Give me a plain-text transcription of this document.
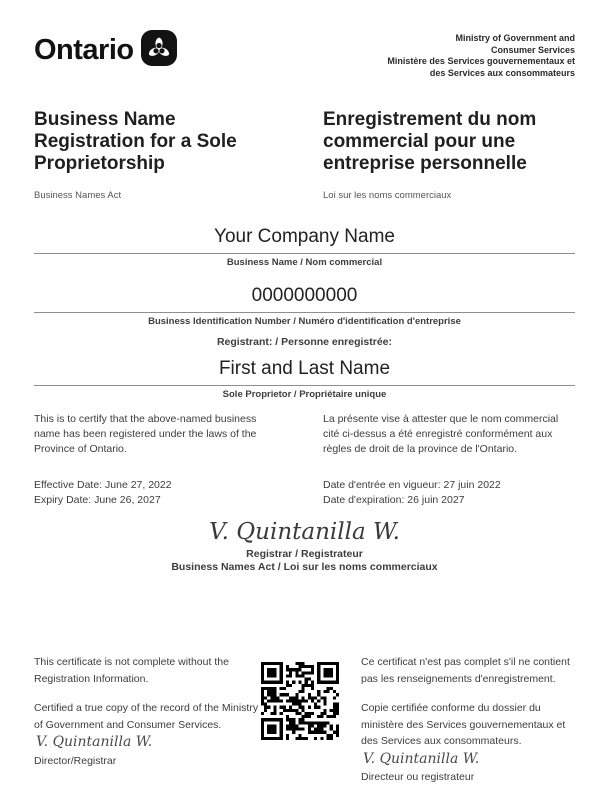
Ontario	Ministry of Government and
Consumer Services
Ministère des Services gouvernementaux et
des Services aux consommateurs
Business Name Registration for a Sole Proprietorship
Business Names Act
Enregistrement du nom commercial pour une entreprise personnelle
Loi sur les noms commerciaux
Your Company Name
Business Name / Nom commercial
0000000000
Business Identification Number / Numéro d'identification d'entreprise
Registrant: / Personne enregistrée:
First and Last Name
Sole Proprietor / Propriétaire unique
This is to certify that the above-named business name has been registered under the laws of the Province of Ontario.
La présente vise à attester que le nom commercial cité ci-dessus a été enregistré conformément aux règles de droit de la province de l'Ontario.
Effective Date: June 27, 2022
Expiry Date: June 26, 2027
Date d'entrée en vigueur: 27 juin 2022
Date d'expiration: 26 juin 2027
V. Quintanilla W.
Registrar / Registrateur
Business Names Act / Loi sur les noms commerciaux
This certificate is not complete without the Registration Information.
Certified a true copy of the record of the Ministry of Government and Consumer Services.
V. Quintanilla W.
Director/Registrar
Ce certificat n'est pas complet s'il ne contient pas les renseignements d'enregistrement.
Copie certifiée conforme du dossier du ministère des Services gouvernementaux et des Services aux consommateurs.
V. Quintanilla W.
Directeur ou registrateur
